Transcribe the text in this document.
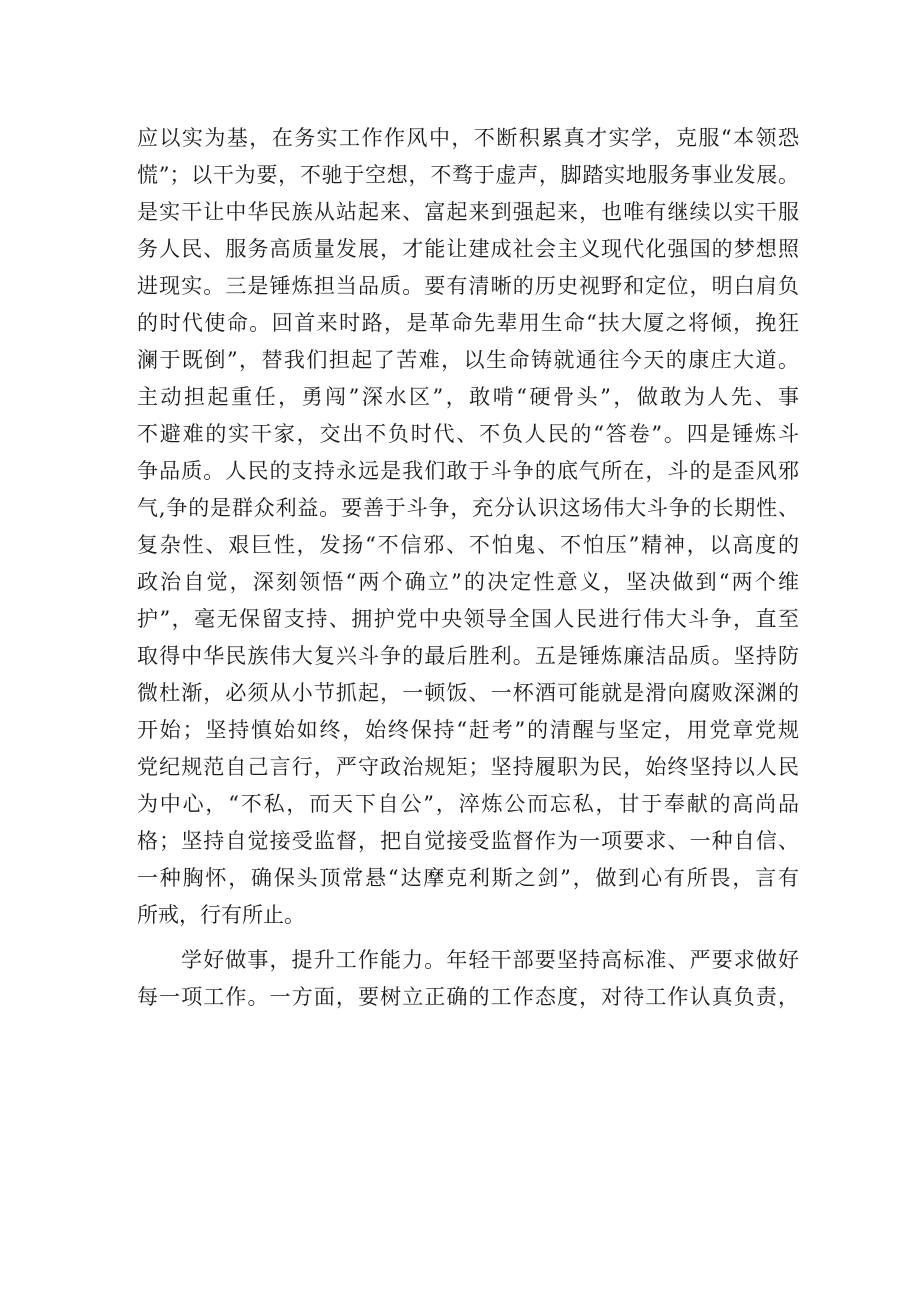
应以实为基，在务实工作作风中，不断积累真才实学，克服“本领恐
慌”；以干为要，不驰于空想，不骛于虚声，脚踏实地服务事业发展。
是实干让中华民族从站起来、富起来到强起来，也唯有继续以实干服
务人民、服务高质量发展，才能让建成社会主义现代化强国的梦想照
进现实。三是锤炼担当品质。要有清晰的历史视野和定位，明白肩负
的时代使命。回首来时路，是革命先辈用生命“扶大厦之将倾，挽狂
澜于既倒”，替我们担起了苦难，以生命铸就通往今天的康庄大道。
主动担起重任，勇闯”深水区”，敢啃“硬骨头”，做敢为人先、事
不避难的实干家，交出不负时代、不负人民的“答卷”。四是锤炼斗
争品质。人民的支持永远是我们敢于斗争的底气所在，斗的是歪风邪
气,争的是群众利益。要善于斗争，充分认识这场伟大斗争的长期性、
复杂性、艰巨性，发扬“不信邪、不怕鬼、不怕压”精神，以高度的
政治自觉，深刻领悟“两个确立”的决定性意义，坚决做到“两个维
护”，毫无保留支持、拥护党中央领导全国人民进行伟大斗争，直至
取得中华民族伟大复兴斗争的最后胜利。五是锤炼廉洁品质。坚持防
微杜渐，必须从小节抓起，一顿饭、一杯酒可能就是滑向腐败深渊的
开始；坚持慎始如终，始终保持“赶考”的清醒与坚定，用党章党规
党纪规范自己言行，严守政治规矩；坚持履职为民，始终坚持以人民
为中心，“不私，而天下自公”，淬炼公而忘私，甘于奉献的高尚品
格；坚持自觉接受监督，把自觉接受监督作为一项要求、一种自信、
一种胸怀，确保头顶常悬“达摩克利斯之剑”，做到心有所畏，言有
所戒，行有所止。
学好做事，提升工作能力。年轻干部要坚持高标准、严要求做好
每一项工作。一方面，要树立正确的工作态度，对待工作认真负责，
